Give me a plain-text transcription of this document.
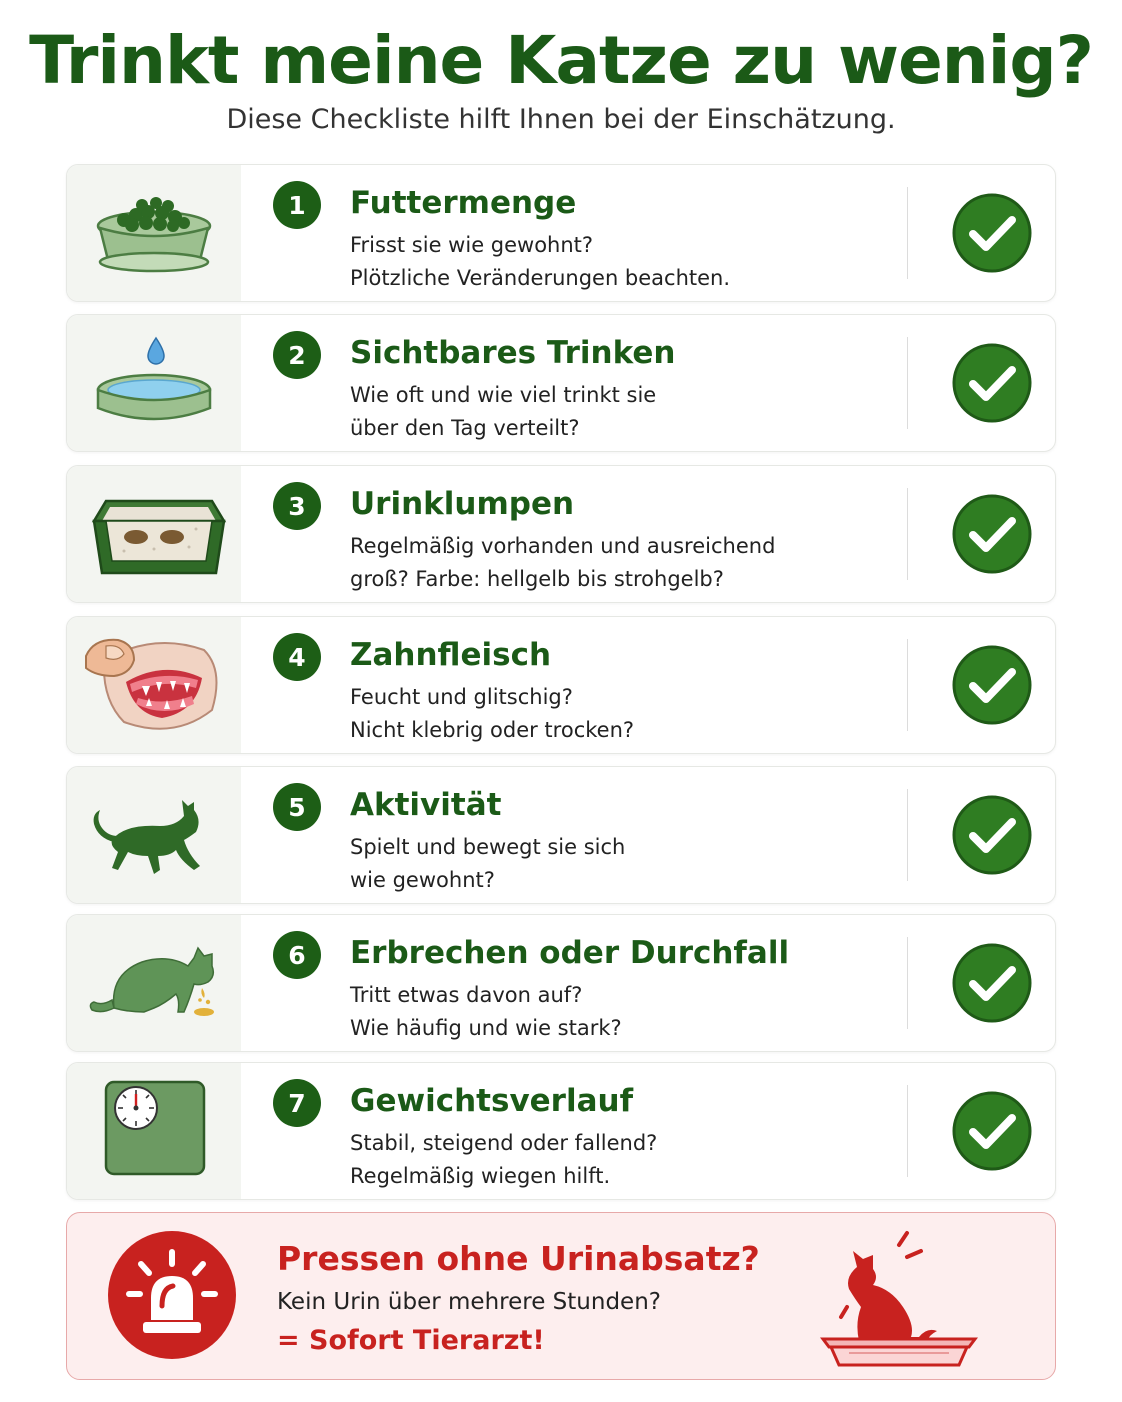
Trinkt meine Katze zu wenig?
Diese Checkliste hilft Ihnen bei der Einschätzung.
1	Futtermenge
Frisst sie wie gewohnt?
Plötzliche Veränderungen beachten.
2	Sichtbares Trinken
Wie oft und wie viel trinkt sie
über den Tag verteilt?
3	Urinklumpen
Regelmäßig vorhanden und ausreichend
groß? Farbe: hellgelb bis strohgelb?
4	Zahnfleisch
Feucht und glitschig?
Nicht klebrig oder trocken?
5	Aktivität
Spielt und bewegt sie sich
wie gewohnt?
6	Erbrechen oder Durchfall
Tritt etwas davon auf?
Wie häufig und wie stark?
7	Gewichtsverlauf
Stabil, steigend oder fallend?
Regelmäßig wiegen hilft.
Pressen ohne Urinabsatz?
Kein Urin über mehrere Stunden?
= Sofort Tierarzt!
